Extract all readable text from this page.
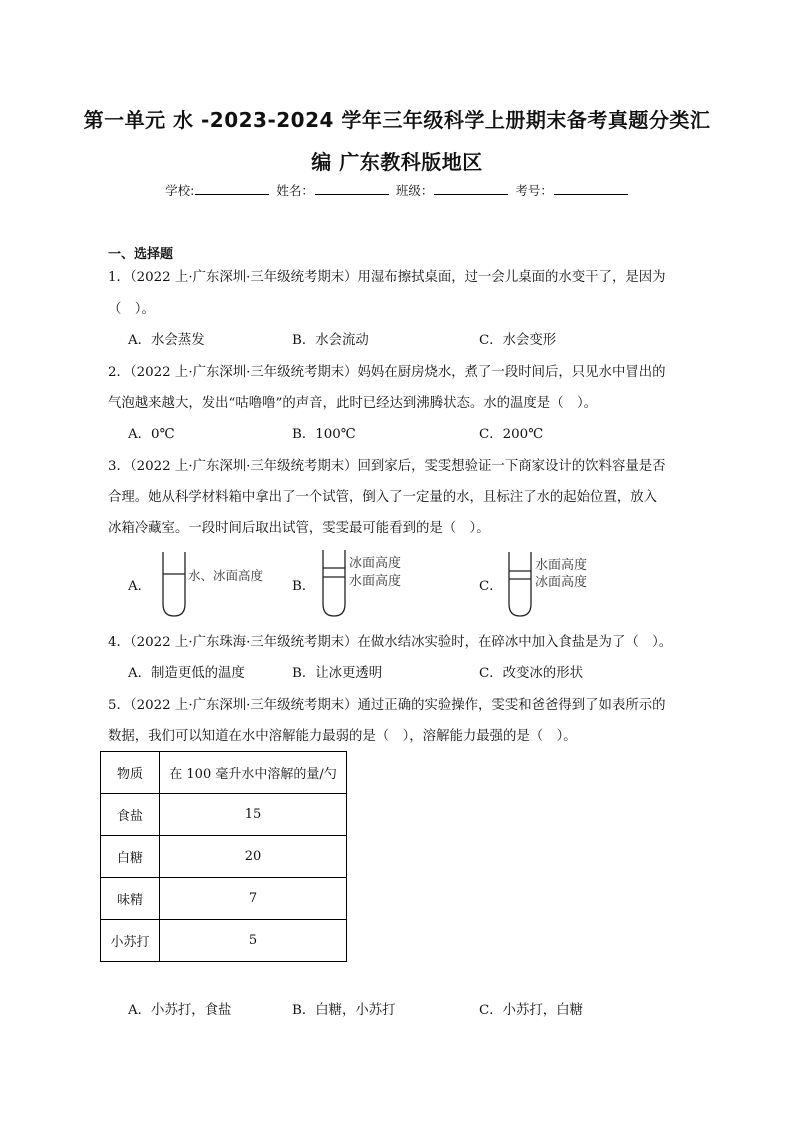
第一单元 水 -2023-2024 学年三年级科学上册期末备考真题分类汇
编 广东教科版地区
学校:	姓名：	班级：	考号：
一、选择题
1．（2022 上·广东深圳·三年级统考期末）用湿布擦拭桌面，过一会儿桌面的水变干了，是因为
（　）。
A．水会蒸发	B．水会流动	C．水会变形
2．（2022 上·广东深圳·三年级统考期末）妈妈在厨房烧水，煮了一段时间后，只见水中冒出的
气泡越来越大，发出“咕噜噜”的声音，此时已经达到沸腾状态。水的温度是（　）。
A．0℃	B．100℃	C．200℃
3．（2022 上·广东深圳·三年级统考期末）回到家后，雯雯想验证一下商家设计的饮料容量是否
合理。她从科学材料箱中拿出了一个试管，倒入了一定量的水，且标注了水的起始位置，放入
冰箱冷藏室。一段时间后取出试管，雯雯最可能看到的是（　）。
A．
水、冰面高度
B．
冰面高度
水面高度	C．
水面高度
冰面高度
4．（2022 上·广东珠海·三年级统考期末）在做水结冰实验时，在碎冰中加入食盐是为了（　）。
A．制造更低的温度	B．让冰更透明	C．改变冰的形状
5．（2022 上·广东深圳·三年级统考期末）通过正确的实验操作，雯雯和爸爸得到了如表所示的
数据，我们可以知道在水中溶解能力最弱的是（　），溶解能力最强的是（　）。
物质	在 100 毫升水中溶解的量/勺
食盐	15
白糖	20
味精	7
小苏打	5
A．小苏打，食盐	B．白糖，小苏打	C．小苏打，白糖
